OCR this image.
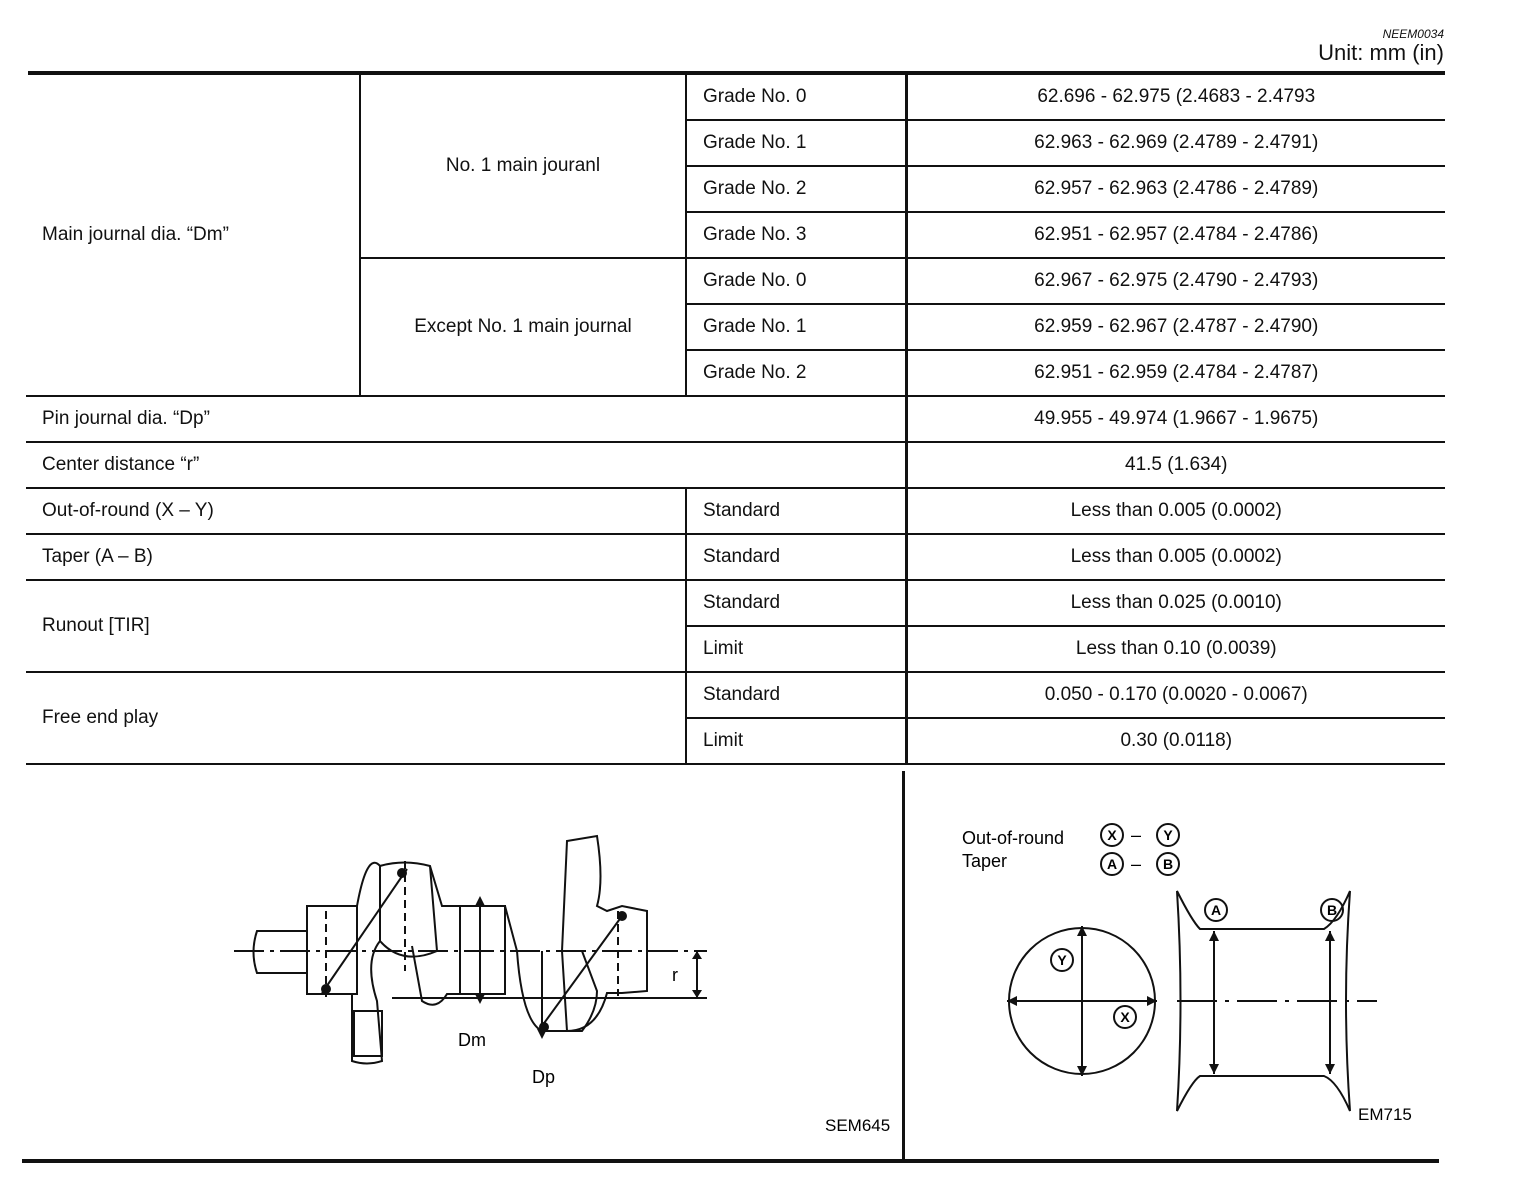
NEEM0034
Unit: mm (in)
Main journal dia. “Dm”	No. 1 main jouranl	Grade No. 0	62.696 - 62.975 (2.4683 - 2.4793
		Grade No. 1	62.963 - 62.969 (2.4789 - 2.4791)
		Grade No. 2	62.957 - 62.963 (2.4786 - 2.4789)
		Grade No. 3	62.951 - 62.957 (2.4784 - 2.4786)
	Except No. 1 main journal	Grade No. 0	62.967 - 62.975 (2.4790 - 2.4793)
		Grade No. 1	62.959 - 62.967 (2.4787 - 2.4790)
		Grade No. 2	62.951 - 62.959 (2.4784 - 2.4787)
Pin journal dia. “Dp”			49.955 - 49.974 (1.9667 - 1.9675)
Center distance “r”			41.5 (1.634)
Out-of-round (X – Y)		Standard	Less than 0.005 (0.0002)
Taper (A – B)		Standard	Less than 0.005 (0.0002)
Runout [TIR]		Standard	Less than 0.025 (0.0010)
		Limit	Less than 0.10 (0.0039)
Free end play		Standard	0.050 - 0.170 (0.0020 - 0.0067)
		Limit	0.30 (0.0118)
Dm
Dp
r
SEM645
Out-of-round
Taper
X	Y
A	B
Y
X
A	B
–
–
EM715
